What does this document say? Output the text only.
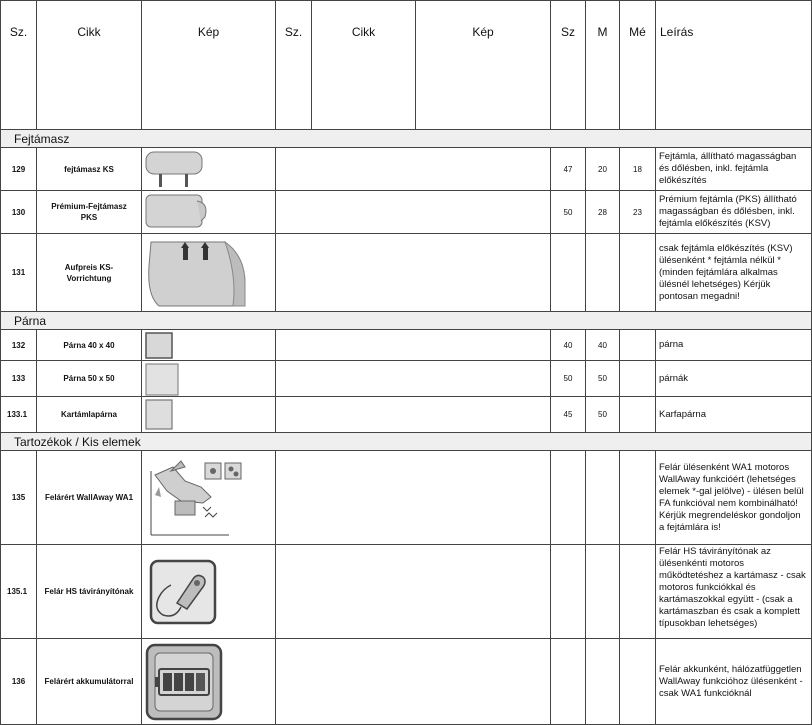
Sz.	Cikk	Kép	Sz.	Cikk	Kép	Sz	M	Mé	Leírás
Fejtámasz									
129	fejtámasz KS					47	20	18	Fejtámla, állítható magasságban és dőlésben, inkl. fejtámla előkészítés
130	Prémium-Fejtámasz PKS					50	28	23	Prémium fejtámla (PKS) állítható magasságban és dőlésben, inkl. fejtámla előkészítés (KSV)
131	Aufpreis KS-Vorrichtung								csak fejtámla előkészítés (KSV) ülésenként * fejtámla nélkül * (minden fejtámlára alkalmas ülésnél lehetséges) Kérjük pontosan megadni!
Párna									
132	Párna 40 x 40					40	40		párna
133	Párna 50 x 50					50	50		párnák
133.1	Kartámlapárna					45	50		Karfapárna
Tartozékok / Kis elemek									
135	Felárért WallAway WA1								Felár ülésenként WA1 motoros WallAway funkcióért (lehetséges elemek *-gal jelölve) - ülésen belül FA funkcióval nem kombinálható! Kérjük megrendeléskor gondoljon a fejtámlára is!
135.1	Felár HS távirányítónak								Felár HS távirányítónak az ülésenkénti motoros működtetéshez a kartámasz - csak motoros funkciókkal és kartámaszokkal együtt - (csak a kartámaszban és csak a komplett típusokban lehetséges)
136	Felárért akkumulátorral								Felár akkunként, hálózatfüggetlen WallAway funkcióhoz ülésenként - csak WA1 funkcióknál
